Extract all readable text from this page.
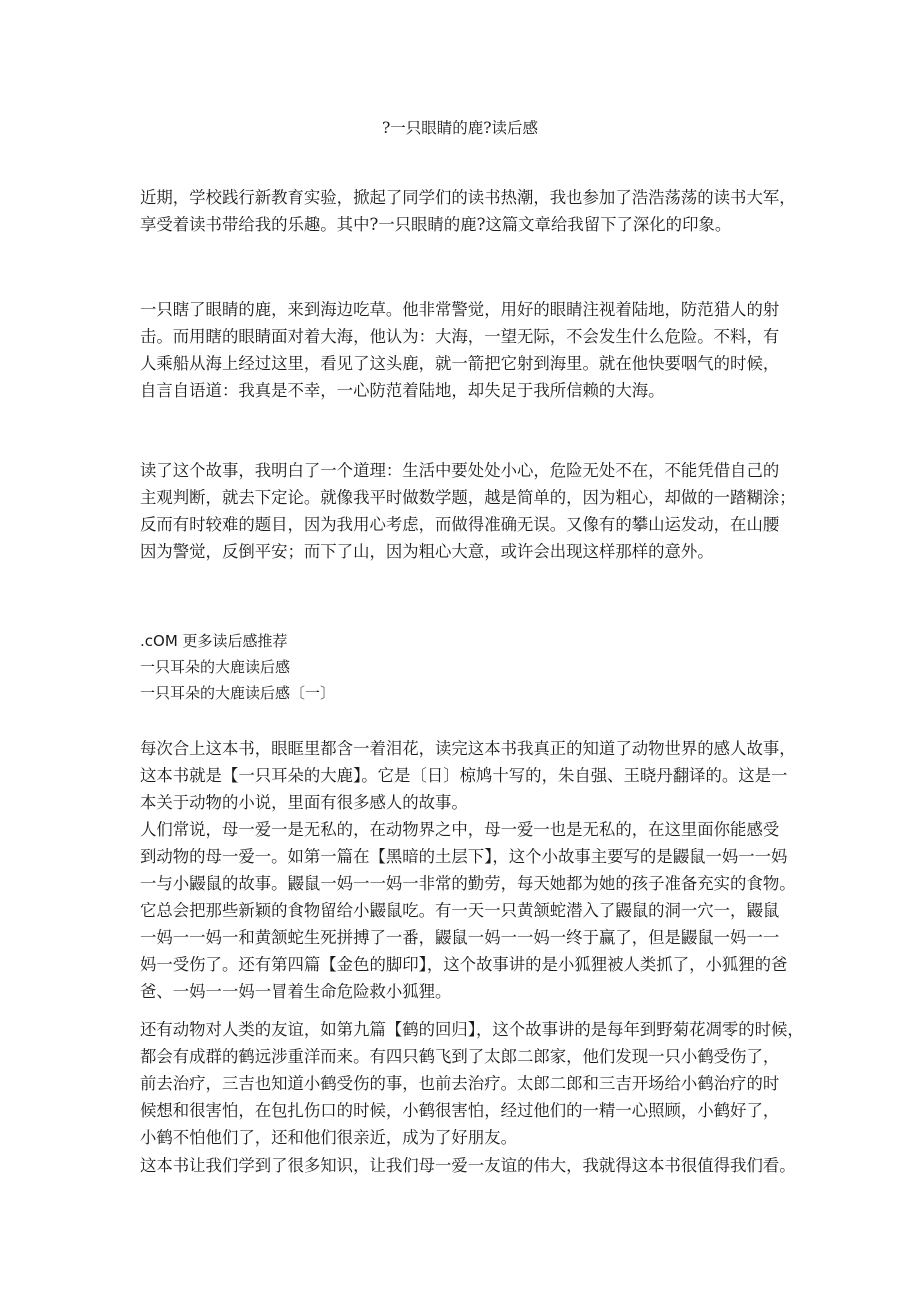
?一只眼睛的鹿?读后感
近期，学校践行新教育实验，掀起了同学们的读书热潮，我也参加了浩浩荡荡的读书大军，
享受着读书带给我的乐趣。其中?一只眼睛的鹿?这篇文章给我留下了深化的印象。
一只瞎了眼睛的鹿，来到海边吃草。他非常警觉，用好的眼睛注视着陆地，防范猎人的射
击。而用瞎的眼睛面对着大海，他认为：大海，一望无际，不会发生什么危险。不料，有
人乘船从海上经过这里，看见了这头鹿，就一箭把它射到海里。就在他快要咽气的时候，
自言自语道：我真是不幸，一心防范着陆地，却失足于我所信赖的大海。
读了这个故事，我明白了一个道理：生活中要处处小心，危险无处不在，不能凭借自己的
主观判断，就去下定论。就像我平时做数学题，越是简单的，因为粗心，却做的一踏糊涂；
反而有时较难的题目，因为我用心考虑，而做得准确无误。又像有的攀山运发动，在山腰
因为警觉，反倒平安；而下了山，因为粗心大意，或许会出现这样那样的意外。
.cOM 更多读后感推荐
一只耳朵的大鹿读后感
一只耳朵的大鹿读后感〔一〕
每次合上这本书，眼眶里都含一着泪花，读完这本书我真正的知道了动物世界的感人故事，
这本书就是【一只耳朵的大鹿】。它是〔日〕椋鸠十写的，朱自强、王晓丹翻译的。这是一
本关于动物的小说，里面有很多感人的故事。
人们常说，母一爱一是无私的，在动物界之中，母一爱一也是无私的，在这里面你能感受
到动物的母一爱一。如第一篇在【黑暗的土层下】，这个小故事主要写的是鼹鼠一妈一一妈
一与小鼹鼠的故事。鼹鼠一妈一一妈一非常的勤劳，每天她都为她的孩子准备充实的食物。
它总会把那些新颖的食物留给小鼹鼠吃。有一天一只黄颔蛇潜入了鼹鼠的洞一穴一，鼹鼠
一妈一一妈一和黄颔蛇生死拼搏了一番，鼹鼠一妈一一妈一终于赢了，但是鼹鼠一妈一一
妈一受伤了。还有第四篇【金色的脚印】，这个故事讲的是小狐狸被人类抓了，小狐狸的爸
爸、一妈一一妈一冒着生命危险救小狐狸。
还有动物对人类的友谊，如第九篇【鹤的回归】，这个故事讲的是每年到野菊花凋零的时候，
都会有成群的鹤远涉重洋而来。有四只鹤飞到了太郎二郎家，他们发现一只小鹤受伤了，
前去治疗，三吉也知道小鹤受伤的事，也前去治疗。太郎二郎和三吉开场给小鹤治疗的时
候想和很害怕，在包扎伤口的时候，小鹤很害怕，经过他们的一精一心照顾，小鹤好了，
小鹤不怕他们了，还和他们很亲近，成为了好朋友。
这本书让我们学到了很多知识，让我们母一爱一友谊的伟大，我就得这本书很值得我们看。
